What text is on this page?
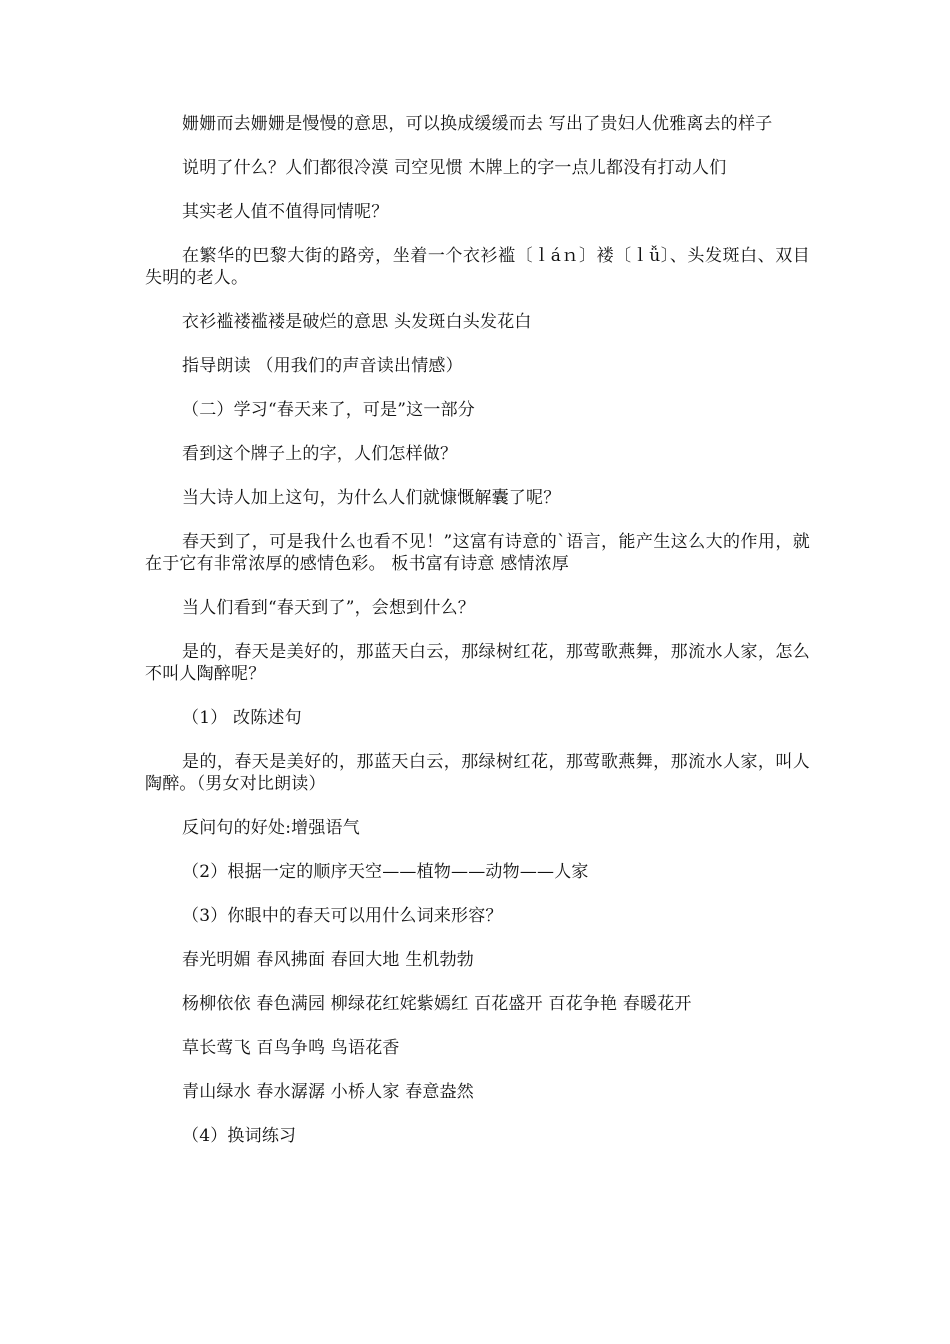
姗姗而去姗姗是慢慢的意思，可以换成缓缓而去 写出了贵妇人优雅离去的样子

说明了什么？人们都很冷漠 司空见惯 木牌上的字一点儿都没有打动人们

其实老人值不值得同情呢？

在繁华的巴黎大街的路旁，坐着一个衣衫褴〔ｌáｎ〕褛〔ｌǚ〕、头发斑白、双目失明的老人。

衣衫褴褛褴褛是破烂的意思 头发斑白头发花白

指导朗读 （用我们的声音读出情感）

（二）学习“春天来了，可是”这一部分

看到这个牌子上的字，人们怎样做？

当大诗人加上这句，为什么人们就慷慨解囊了呢？

春天到了，可是我什么也看不见！”这富有诗意的`语言，能产生这么大的作用，就在于它有非常浓厚的感情色彩。 板书富有诗意 感情浓厚

当人们看到“春天到了”，会想到什么？

是的，春天是美好的，那蓝天白云，那绿树红花，那莺歌燕舞，那流水人家，怎么不叫人陶醉呢？

（1） 改陈述句

是的，春天是美好的，那蓝天白云，那绿树红花，那莺歌燕舞，那流水人家，叫人陶醉。（男女对比朗读）

反问句的好处:增强语气

（2）根据一定的顺序天空——植物——动物——人家

（3）你眼中的春天可以用什么词来形容？

春光明媚 春风拂面 春回大地 生机勃勃

杨柳依依 春色满园 柳绿花红姹紫嫣红 百花盛开 百花争艳 春暖花开

草长莺飞 百鸟争鸣 鸟语花香

青山绿水 春水潺潺 小桥人家 春意盎然

（4）换词练习
